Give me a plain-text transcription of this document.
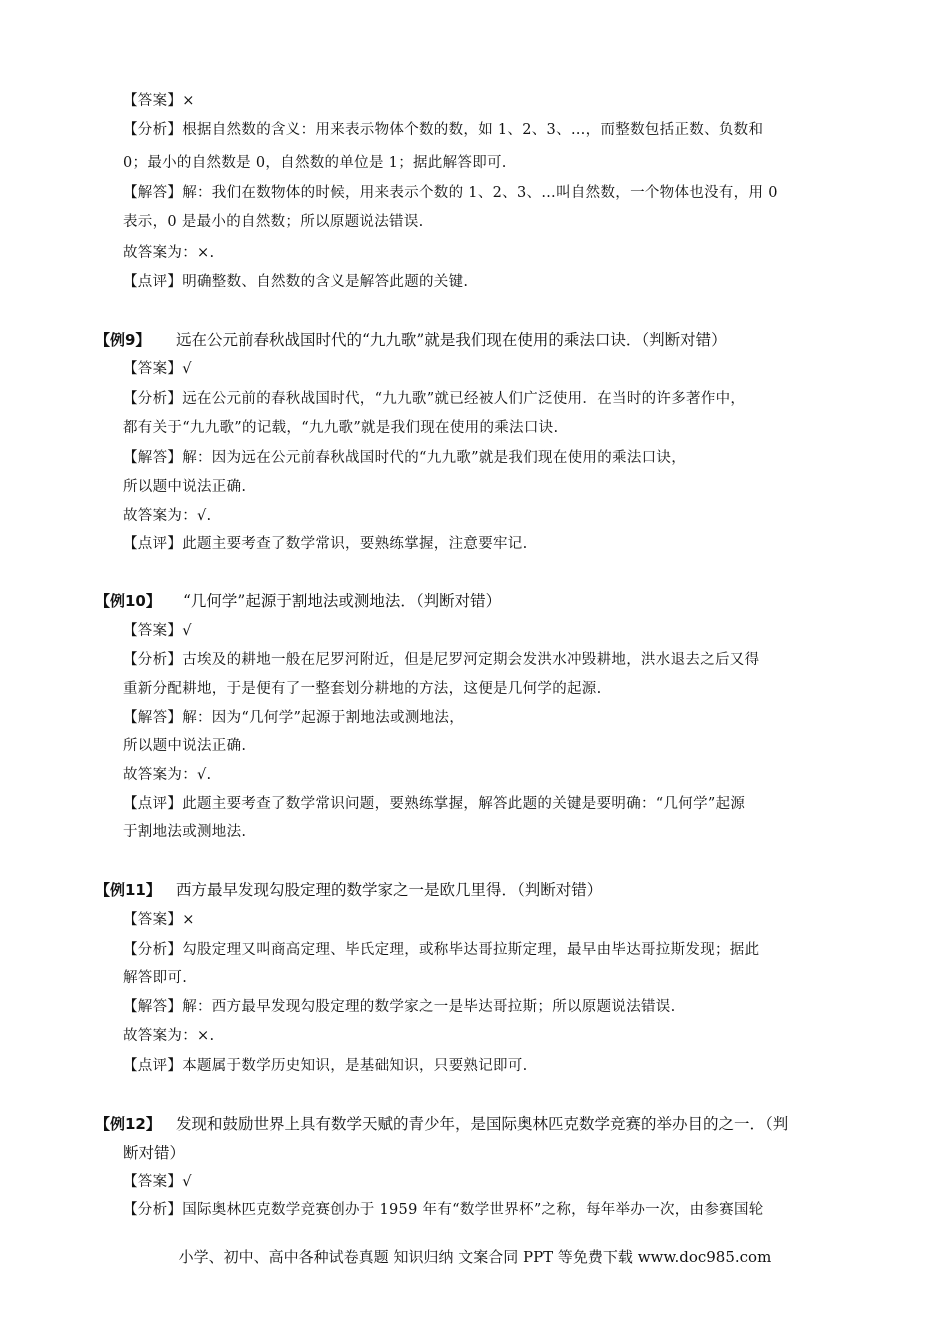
【答案】×
【分析】根据自然数的含义：用来表示物体个数的数，如 1、2、3、…，而整数包括正数、负数和
0；最小的自然数是 0，自然数的单位是 1；据此解答即可.
【解答】解：我们在数物体的时候，用来表示个数的 1、2、3、…叫自然数，一个物体也没有，用 0
表示，0 是最小的自然数；所以原题说法错误.
故答案为：×.
【点评】明确整数、自然数的含义是解答此题的关键.
【例9】 远在公元前春秋战国时代的“九九歌”就是我们现在使用的乘法口诀．（判断对错）
【答案】√
【分析】远在公元前的春秋战国时代，“九九歌”就已经被人们广泛使用．在当时的许多著作中，
都有关于“九九歌”的记载，“九九歌”就是我们现在使用的乘法口诀.
【解答】解：因为远在公元前春秋战国时代的“九九歌”就是我们现在使用的乘法口诀，
所以题中说法正确.
故答案为：√.
【点评】此题主要考查了数学常识，要熟练掌握，注意要牢记.
【例10】 “几何学”起源于割地法或测地法．（判断对错）
【答案】√
【分析】古埃及的耕地一般在尼罗河附近，但是尼罗河定期会发洪水冲毁耕地，洪水退去之后又得
重新分配耕地，于是便有了一整套划分耕地的方法，这便是几何学的起源.
【解答】解：因为“几何学”起源于割地法或测地法，
所以题中说法正确.
故答案为：√.
【点评】此题主要考查了数学常识问题，要熟练掌握，解答此题的关键是要明确：“几何学”起源
于割地法或测地法.
【例11】 西方最早发现勾股定理的数学家之一是欧几里得．（判断对错）
【答案】×
【分析】勾股定理又叫商高定理、毕氏定理，或称毕达哥拉斯定理，最早由毕达哥拉斯发现；据此
解答即可.
【解答】解：西方最早发现勾股定理的数学家之一是毕达哥拉斯；所以原题说法错误.
故答案为：×.
【点评】本题属于数学历史知识，是基础知识，只要熟记即可.
【例12】 发现和鼓励世界上具有数学天赋的青少年，是国际奥林匹克数学竞赛的举办目的之一．（判
断对错）
【答案】√
【分析】国际奥林匹克数学竞赛创办于 1959 年有“数学世界杯”之称，每年举办一次，由参赛国轮
小学、初中、高中各种试卷真题 知识归纳 文案合同 PPT 等免费下载 www.doc985.com
